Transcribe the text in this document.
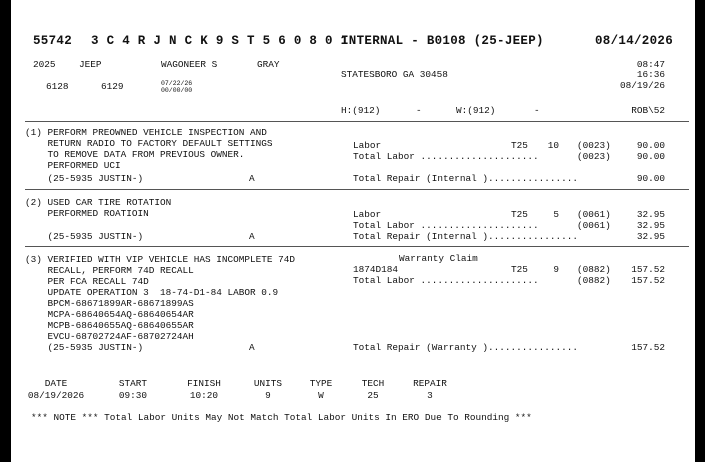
55742 3 C 4 R J N C K 9 S T 5 6 0 8 0 1
INTERNAL - B0108 (25-JEEP)	08/14/2026
2025 JEEP	WAGONEER S	GRAY	08:47
16:36
08/19/26
STATESBORO GA 30458
6128	6129	07/22/26
00/00/00
H:(912)	-	W:(912)	-	ROB\52
(1) PERFORM PREOWNED VEHICLE INSPECTION AND
RETURN RADIO TO FACTORY DEFAULT SETTINGS
TO REMOVE DATA FROM PREVIOUS OWNER.
PERFORMED UCI
(25-5935 JUSTIN-)	A
Labor	T25	10 (0023)	90.00
Total Labor .....................	(0023)	90.00
Total Repair (Internal )................	90.00
(2) USED CAR TIRE ROTATION
PERFORMED ROATIOIN
(25-5935 JUSTIN-)	A
Labor	T25	5 (0061)	32.95
Total Labor .....................	(0061)	32.95
Total Repair (Internal )................	32.95
(3) VERIFIED WITH VIP VEHICLE HAS INCOMPLETE 74D
RECALL, PERFORM 74D RECALL
PER FCA RECALL 74D
UPDATE OPERATION 3  18-74-D1-84 LABOR 0.9
BPCM-68671899AR-68671899AS
MCPA-68640654AQ-68640654AR
MCPB-68640655AQ-68640655AR
EVCU-68702724AF-68702724AH
(25-5935 JUSTIN-)	A
Warranty Claim
1874D184	T25	9 (0882)	157.52
Total Labor .....................	(0882)	157.52
Total Repair (Warranty )................	157.52
DATE	START	FINISH	UNITS	TYPE	TECH	REPAIR
08/19/2026	09:30	10:20	9	W	25	3
*** NOTE *** Total Labor Units May Not Match Total Labor Units In ERO Due To Rounding ***
